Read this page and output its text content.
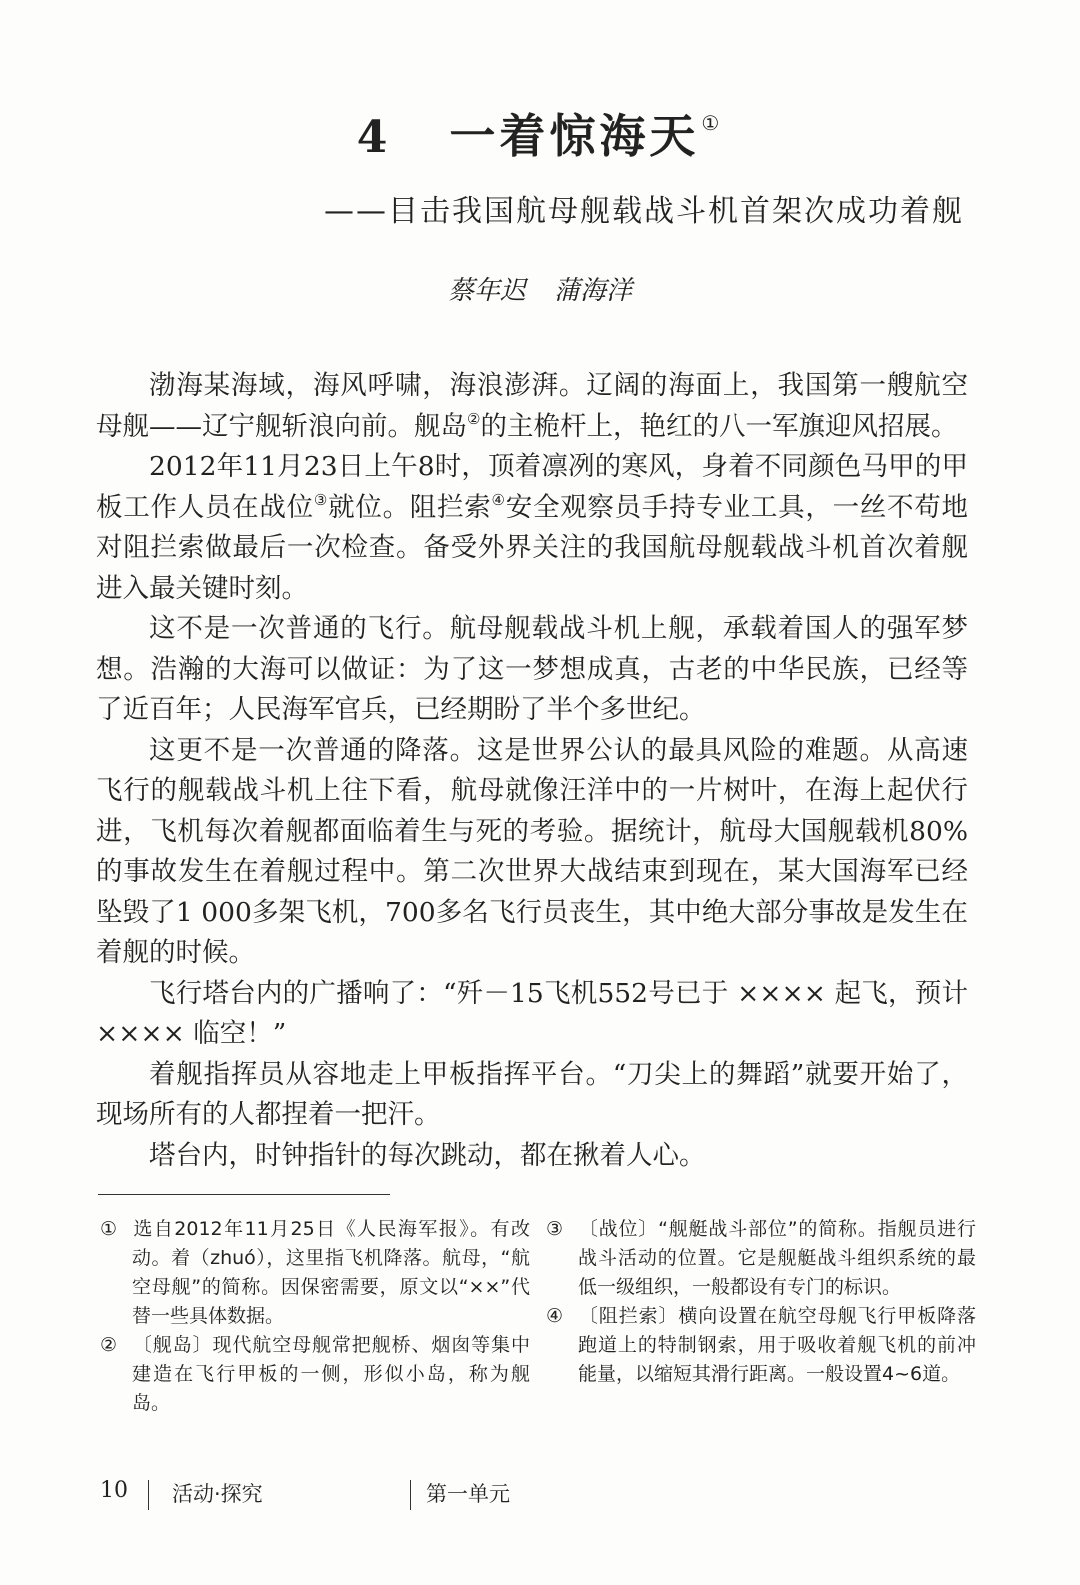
4 一着惊海天 ①
——目击我国航母舰载战斗机首架次成功着舰
蔡年迟 蒲海洋

渤海某海域，海风呼啸，海浪澎湃。辽阔的海面上，我国第一艘航空母舰——辽宁舰斩浪向前。舰岛②的主桅杆上，艳红的八一军旗迎风招展。

2012年11月23日上午8时，顶着凛冽的寒风，身着不同颜色马甲的甲板工作人员在战位③就位。阻拦索④安全观察员手持专业工具，一丝不苟地对阻拦索做最后一次检查。备受外界关注的我国航母舰载战斗机首次着舰进入最关键时刻。

这不是一次普通的飞行。航母舰载战斗机上舰，承载着国人的强军梦想。浩瀚的大海可以做证：为了这一梦想成真，古老的中华民族，已经等了近百年；人民海军官兵，已经期盼了半个多世纪。

这更不是一次普通的降落。这是世界公认的最具风险的难题。从高速飞行的舰载战斗机上往下看，航母就像汪洋中的一片树叶，在海上起伏行进，飞机每次着舰都面临着生与死的考验。据统计，航母大国舰载机80%的事故发生在着舰过程中。第二次世界大战结束到现在，某大国海军已经坠毁了1 000多架飞机，700多名飞行员丧生，其中绝大部分事故是发生在着舰的时候。

飞行塔台内的广播响了：“歼－15飞机552号已于 ×××× 起飞，预计 ×××× 临空！”

着舰指挥员从容地走上甲板指挥平台。“刀尖上的舞蹈”就要开始了，现场所有的人都捏着一把汗。

塔台内，时钟指针的每次跳动，都在揪着人心。

① 选自2012年11月25日《人民海军报》。有改动。着（zhuó），这里指飞机降落。航母，“航空母舰”的简称。因保密需要，原文以“××”代替一些具体数据。

② 〔舰岛〕现代航空母舰常把舰桥、烟囱等集中建造在飞行甲板的一侧，形似小岛，称为舰岛。

③ 〔战位〕“舰艇战斗部位”的简称。指舰员进行战斗活动的位置。它是舰艇战斗组织系统的最低一级组织，一般都设有专门的标识。

④ 〔阻拦索〕横向设置在航空母舰飞行甲板降落跑道上的特制钢索，用于吸收着舰飞机的前冲能量，以缩短其滑行距离。一般设置4~6道。

10 活动·探究	第一单元
